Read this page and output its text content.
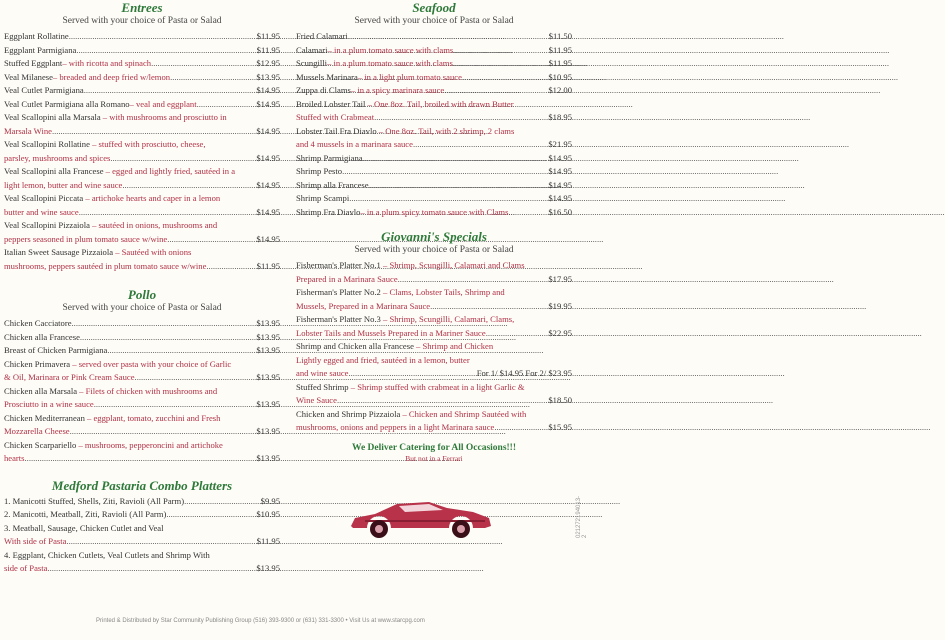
Entrees

Served with your choice of Pasta or Salad

Eggplant Rollatine .....	$11.95
Eggplant Parmigiana .....	$11.95
Stuffed Eggplant – with ricotta and spinach .....	$12.95
Veal Milanese – breaded and deep fried w/lemon .....	$13.95
Veal Cutlet Parmigiana .....	$14.95
Veal Cutlet Parmigiana alla Romano – veal and eggplant .....	$14.95
Veal Scallopini alla Marsala – with mushrooms and prosciutto in
Marsala Wine .....	$14.95
Veal Scallopini Rollatine – stuffed with prosciutto, cheese,
parsley, mushrooms and spices .....	$14.95
Veal Scallopini alla Francese – egged and lightly fried, sautéed in a
light lemon, butter and wine sauce .....	$14.95
Veal Scallopini Piccata – artichoke hearts and caper in a lemon
butter and wine sauce .....	$14.95
Veal Scallopini Pizzaiola – sautéed in onions, mushrooms and
peppers seasoned in plum tomato sauce w/wine .....	$14.95
Italian Sweet Sausage Pizzaiola – Sautéed with onions
mushrooms, peppers sautéed in plum tomato sauce w/wine .....	$11.95
Pollo

Served with your choice of Pasta or Salad

Chicken Cacciatore .....	$13.95
Chicken alla Francese .....	$13.95
Breast of Chicken Parmigiana .....	$13.95
Chicken Primavera – served over pasta with your choice of Garlic
& Oil, Marinara or Pink Cream Sauce .....	$13.95
Chicken alla Marsala – Filets of chicken with mushrooms and
Prosciutto in a wine sauce .....	$13.95
Chicken Mediterranean – eggplant, tomato, zucchini and Fresh
Mozzarella Cheese .....	$13.95
Chicken Scarpariello – mushrooms, pepperoncini and artichoke
hearts .....	$13.95
Medford Pastaria Combo Platters
1. Manicotti Stuffed, Shells, Ziti, Ravioli (All Parm) .....	$9.95
2. Manicotti, Meatball, Ziti, Ravioli (All Parm) .....	$10.95
3. Meatball, Sausage, Chicken Cutlet and Veal
With side of Pasta .....	$11.95
4. Eggplant, Chicken Cutlets, Veal Cutlets and Shrimp With
side of Pasta .....	$13.95
Seafood

Served with your choice of Pasta or Salad

Fried Calamari .....	$11.50
Calamari – in a plum tomato sauce with clams .....	$11.95
Scungilli – in a plum tomato sauce with clams .....	$11.95
Mussels Marinara – in a light plum tomato sauce .....	$10.95
Zuppa di Clams – in a spicy marinara sauce .....	$12.00
Broiled Lobster Tail – One 8oz. Tail, broiled with drawn Butter
Stuffed with Crabmeat .....	$18.95
Lobster Tail Fra Diavlo – One 8oz. Tail, with 2 shrimp, 2 clams
and 4 mussels in a marinara sauce .....	$21.95
Shrimp Parmigiana .....	$14.95
Shrimp Pesto .....	$14.95
Shrimp alla Francese .....	$14.95
Shrimp Scampi .....	$14.95
Shrimp Fra Diavlo – in a plum spicy tomato sauce with Clams .....	$16.50
Giovanni's Specials

Served with your choice of Pasta or Salad

Fisherman's Platter No.1 – Shrimp, Scungilli, Calamari and Clams
Prepared in a Marinara Sauce .....	$17.95
Fisherman's Platter No.2 – Clams, Lobster Tails, Shrimp and
Mussels, Prepared in a Marinara Sauce .....	$19.95
Fisherman's Platter No.3 – Shrimp, Scungilli, Calamari, Clams,
Lobster Tails and Mussels Prepared in a Mariner Sauce .....	$22.95
Shrimp and Chicken alla Francese – Shrimp and Chicken
Lightly egged and fried, sautéed in a lemon, butter
and wine sauce .....	For 1/ $14.95 For 2/ $23.95
Stuffed Shrimp – Shrimp stuffed with crabmeat in a light Garlic &
Wine Sauce .....	$18.50
Chicken and Shrimp Pizzaiola – Chicken and Shrimp Sautéed with
mushrooms, onions and peppers in a light Marinara sauce .....	$15.95
We Deliver Catering for All Occasions!!!
But not in a Ferrari
Printed & Distributed by Star Community Publishing Group (516) 393-9300 or (631) 331-3300 • Visit Us at www.starcpg.com
021272194013-2
